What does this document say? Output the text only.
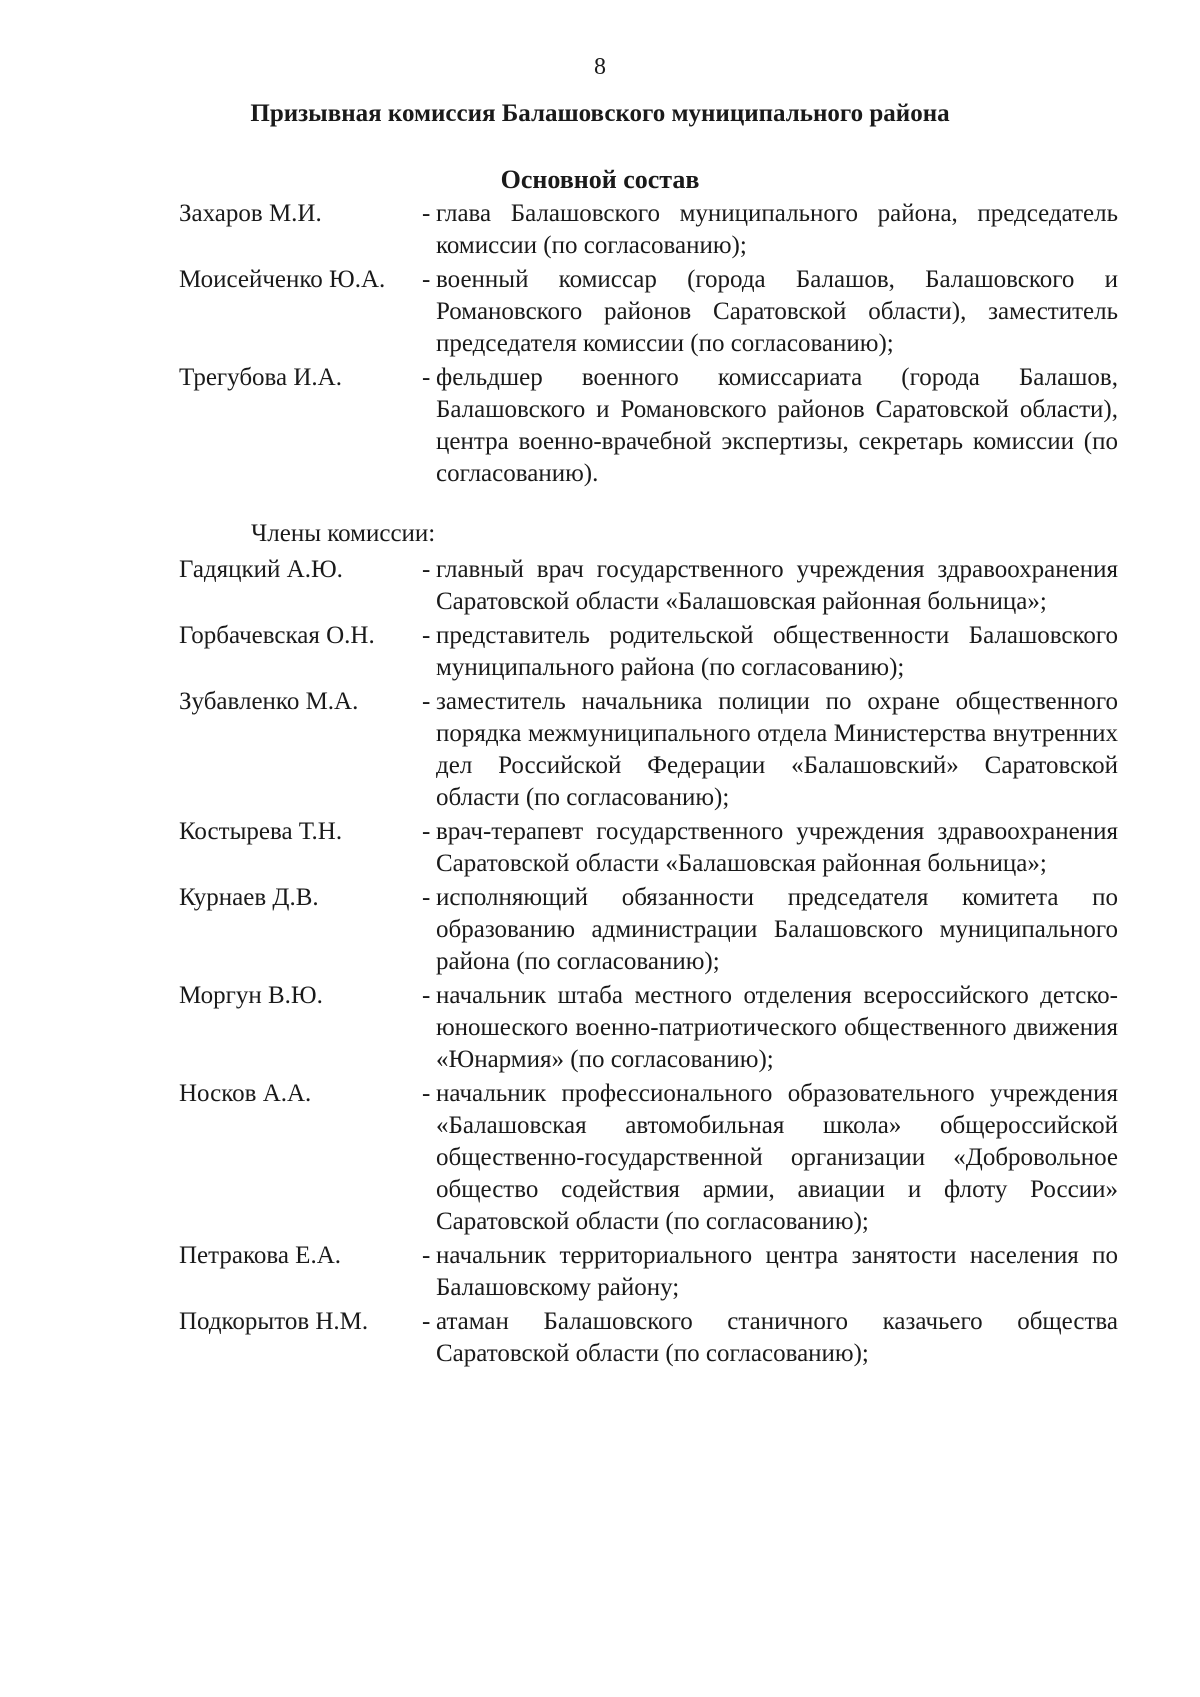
8
Призывная комиссия Балашовского муниципального района
Основной состав
Захаров М.И.	- глава Балашовского муниципального района, председатель комиссии (по согласованию);
Моисейченко Ю.А.	- военный комиссар (города Балашов, Балашовского и Романовского районов Саратовской области), заместитель председателя комиссии (по согласованию);
Трегубова И.А.	- фельдшер военного комиссариата (города Балашов, Балашовского и Романовского районов Саратовской области), центра военно-врачебной экспертизы, секретарь комиссии (по согласованию).
Члены комиссии:
Гадяцкий А.Ю.	- главный врач государственного учреждения здравоохранения Саратовской области «Балашовская районная больница»;
Горбачевская О.Н.	- представитель родительской общественности Балашовского муниципального района (по согласованию);
Зубавленко М.А.	- заместитель начальника полиции по охране общественного порядка межмуниципального отдела Министерства внутренних дел Российской Федерации «Балашовский» Саратовской области (по согласованию);
Костырева Т.Н.	- врач-терапевт государственного учреждения здравоохранения Саратовской области «Балашовская районная больница»;
Курнаев Д.В.	- исполняющий обязанности председателя комитета по образованию администрации Балашовского муниципального района (по согласованию);
Моргун В.Ю.	- начальник штаба местного отделения всероссийского детско-юношеского военно-патриотического общественного движения «Юнармия» (по согласованию);
Носков А.А.	- начальник профессионального образовательного учреждения «Балашовская автомобильная школа» общероссийской общественно-государственной организации «Добровольное общество содействия армии, авиации и флоту России» Саратовской области (по согласованию);
Петракова Е.А.	- начальник территориального центра занятости населения по Балашовскому району;
Подкорытов Н.М.	- атаман Балашовского станичного казачьего общества Саратовской области (по согласованию);
